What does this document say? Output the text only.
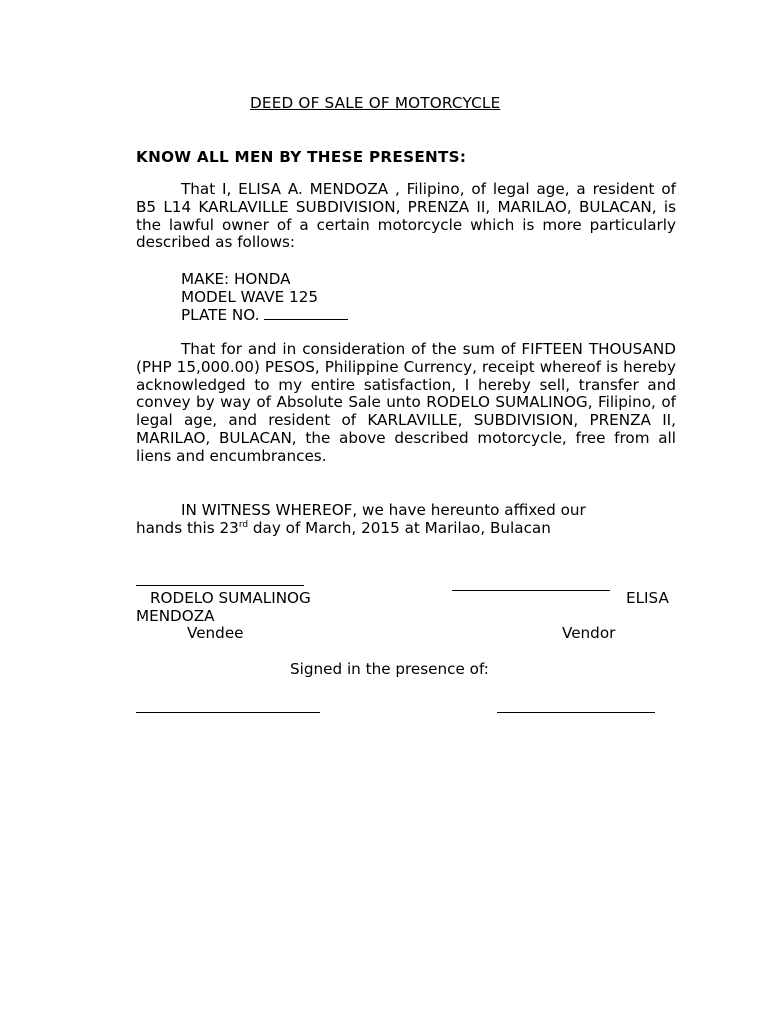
DEED OF SALE OF MOTORCYCLE
KNOW ALL MEN BY THESE PRESENTS:
That I, ELISA A. MENDOZA , Filipino, of legal age, a resident of B5 L14 KARLAVILLE SUBDIVISION, PRENZA II, MARILAO, BULACAN, is the lawful owner of a certain motorcycle which is more particularly described as follows:
MAKE: HONDA
MODEL WAVE 125
PLATE NO.
That for and in consideration of the sum of FIFTEEN THOUSAND (PHP 15,000.00) PESOS, Philippine Currency, receipt whereof is hereby acknowledged to my entire satisfaction, I hereby sell, transfer and convey by way of Absolute Sale unto RODELO SUMALINOG, Filipino, of legal age, and resident of KARLAVILLE, SUBDIVISION, PRENZA II, MARILAO, BULACAN, the above described motorcycle, free from all liens and encumbrances.
IN WITNESS WHEREOF, we have hereunto affixed our
hands this 23rd day of March, 2015 at Marilao, Bulacan
RODELO SUMALINOG	ELISA
MENDOZA
Vendee	Vendor
Signed in the presence of:
